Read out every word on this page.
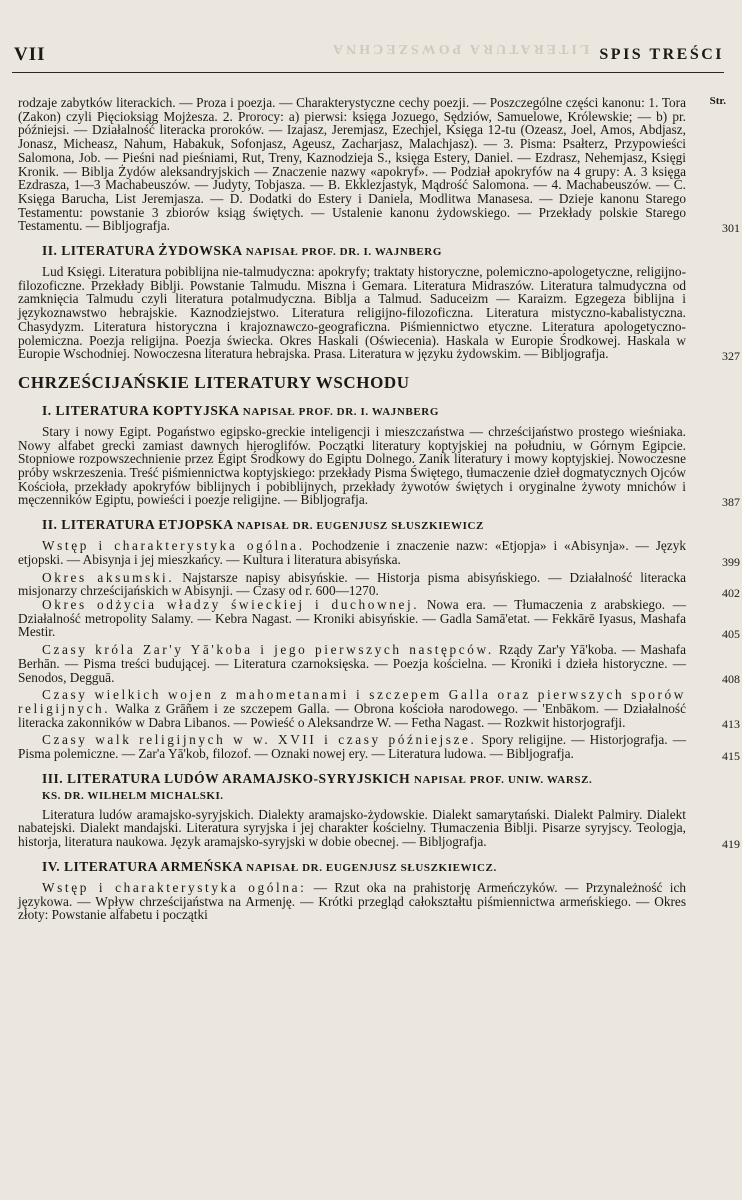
LITERATURA POWSZECHNA
VII	SPIS TREŚCI
Str.

rodzaje zabytków literackich. — Proza i poezja. — Charakterystyczne cechy poezji. — Poszczególne części kanonu: 1. Tora (Zakon) czyli Pięcioksiąg Mojżesza. 2. Prorocy: a) pierwsi: księga Jozuego, Sędziów, Samuelowe, Królewskie; — b) pr. późniejsi. — Działalność literacka proroków. — Izajasz, Jeremjasz, Ezechjel, Księga 12-tu (Ozeasz, Joel, Amos, Abdjasz, Jonasz, Micheasz, Nahum, Habakuk, Sofonjasz, Ageusz, Zacharjasz, Malachjasz). — 3. Pisma: Psałterz, Przypowieści Salomona, Job. — Pieśni nad pieśniami, Rut, Treny, Kaznodzieja S., księga Estery, Daniel. — Ezdrasz, Nehemjasz, Księgi Kronik. — Biblja Żydów aleksandryjskich — Znaczenie nazwy «apokryf». — Podział apokryfów na 4 grupy: A. 3 księga Ezdrasza, 1—3 Machabeuszów. — Judyty, Tobjasza. — B. Ekklezjastyk, Mądrość Salomona. — 4. Machabeuszów. — C. Księga Barucha, List Jeremjasza. — D. Dodatki do Estery i Daniela, Modlitwa Manasesa. — Dzieje kanonu Starego Testamentu: powstanie 3 zbiorów ksiąg świętych. — Ustalenie kanonu żydowskiego. — Przekłady polskie Starego Testamentu. — Bibljografja.	301
II. LITERATURA ŻYDOWSKA NAPISAŁ PROF. DR. I. WAJNBERG

Lud Księgi. Literatura pobiblijna nie-talmudyczna: apokryfy; traktaty historyczne, polemiczno-apologetyczne, religijno-filozoficzne. Przekłady Biblji. Powstanie Talmudu. Miszna i Gemara. Literatura Midraszów. Literatura talmudyczna od zamknięcia Talmudu czyli literatura potalmudyczna. Biblja a Talmud. Saduceizm — Karaizm. Egzegeza biblijna i językoznawstwo hebrajskie. Kaznodziejstwo. Literatura religijno-filozoficzna. Literatura mistyczno-kabalistyczna. Chasydyzm. Literatura historyczna i krajoznawczo-geograficzna. Piśmiennictwo etyczne. Literatura apologetyczno-polemiczna. Poezja religijna. Poezja świecka. Okres Haskali (Oświecenia). Haskala w Europie Środkowej. Haskala w Europie Wschodniej. Nowoczesna literatura hebrajska. Prasa. Literatura w języku żydowskim. — Bibljografja.	327
CHRZEŚCIJAŃSKIE LITERATURY WSCHODU
I. LITERATURA KOPTYJSKA NAPISAŁ PROF. DR. I. WAJNBERG

Stary i nowy Egipt. Pogaństwo egipsko-greckie inteligencji i mieszczaństwa — chrześcijaństwo prostego wieśniaka. Nowy alfabet grecki zamiast dawnych hieroglifów. Początki literatury koptyjskiej na południu, w Górnym Egipcie. Stopniowe rozpowszechnienie przez Egipt Środkowy do Egiptu Dolnego. Zanik literatury i mowy koptyjskiej. Nowoczesne próby wskrzeszenia. Treść piśmiennictwa koptyjskiego: przekłady Pisma Świętego, tłumaczenie dzieł dogmatycznych Ojców Kościoła, przekłady apokryfów biblijnych i pobiblijnych, przekłady żywotów świętych i oryginalne żywoty mnichów i męczenników Egiptu, powieści i poezje religijne. — Bibljografja.	387
II. LITERATURA ETJOPSKA NAPISAŁ DR. EUGENJUSZ SŁUSZKIEWICZ

Wstęp i charakterystyka ogólna. Pochodzenie i znaczenie nazw: «Etjopja» i «Abisynja». — Język etjopski. — Abisynja i jej mieszkańcy. — Kultura i literatura abisyńska.	399

Okres aksumski. Najstarsze napisy abisyńskie. — Historja pisma abisyńskiego. — Działalność literacka misjonarzy chrześcijańskich w Abisynji. — Czasy od r. 600—1270.	402

Okres odżycia władzy świeckiej i duchownej. Nowa era. — Tłumaczenia z arabskiego. — Działalność metropolity Salamy. — Kebra Nagast. — Kroniki abisyńskie. — Gadla Samā'etat. — Fekkārē Iyasus, Mashafa Mestir.	405

Czasy króla Zar'y Yā'koba i jego pierwszych następców. Rządy Zar'y Yā'koba. — Mashafa Berhān. — Pisma treści budującej. — Literatura czarnoksięska. — Poezja kościelna. — Kroniki i dzieła historyczne. — Senodos, Degguā.	408

Czasy wielkich wojen z mahometanami i szczepem Galla oraz pierwszych sporów religijnych. Walka z Grāñem i ze szczepem Galla. — Obrona kościoła narodowego. — 'Enbākom. — Działalność literacka zakonników w Dabra Libanos. — Powieść o Aleksandrze W. — Fetha Nagast. — Rozkwit historjografji.	413

Czasy walk religijnych w w. XVII i czasy późniejsze. Spory religijne. — Historjografja. — Pisma polemiczne. — Zar'a Yā'kob, filozof. — Oznaki nowej ery. — Literatura ludowa. — Bibljografja.	415
III. LITERATURA LUDÓW ARAMAJSKO-SYRYJSKICH NAPISAŁ PROF. UNIW. WARSZ.
KS. DR. WILHELM MICHALSKI.

Literatura ludów aramajsko-syryjskich. Dialekty aramajsko-żydowskie. Dialekt samarytański. Dialekt Palmiry. Dialekt nabatejski. Dialekt mandajski. Literatura syryjska i jej charakter kościelny. Tłumaczenia Biblji. Pisarze syryjscy. Teologja, historja, literatura naukowa. Język aramajsko-syryjski w dobie obecnej. — Bibljografja.	419
IV. LITERATURA ARMEŃSKA NAPISAŁ DR. EUGENJUSZ SŁUSZKIEWICZ.

Wstęp i charakterystyka ogólna: — Rzut oka na prahistorję Armeńczyków. — Przynależność ich językowa. — Wpływ chrześcijaństwa na Armenję. — Krótki przegląd całokształtu piśmiennictwa armeńskiego. — Okres złoty: Powstanie alfabetu i początki
